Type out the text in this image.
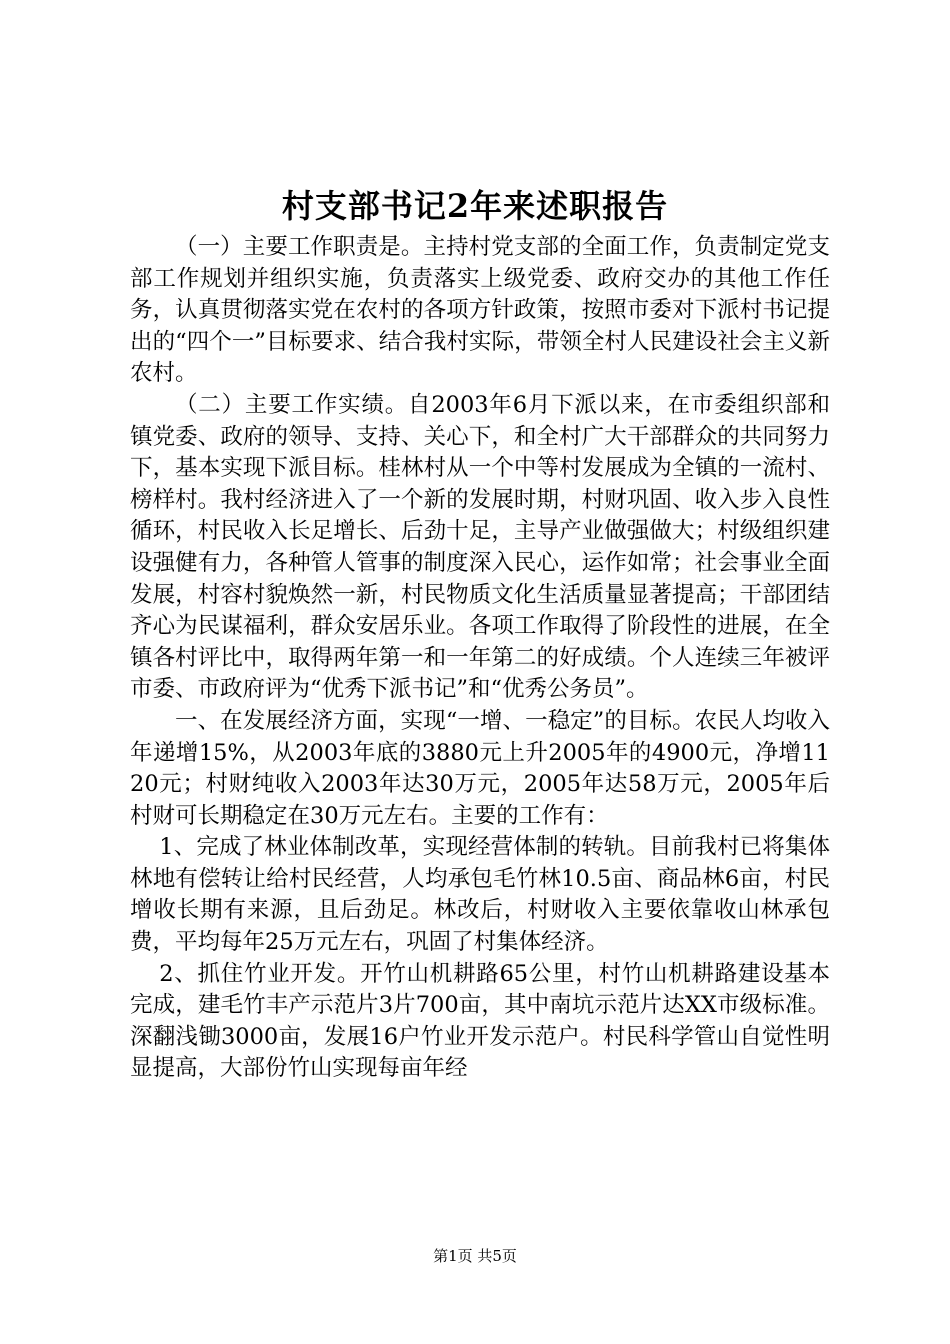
村支部书记2年来述职报告

（一）主要工作职责是。主持村党支部的全面工作，负责制定党支部工作规划并组织实施，负责落实上级党委、政府交办的其他工作任务，认真贯彻落实党在农村的各项方针政策，按照市委对下派村书记提出的“四个一”目标要求、结合我村实际，带领全村人民建设社会主义新农村。

（二）主要工作实绩。自2003年6月下派以来，在市委组织部和镇党委、政府的领导、支持、关心下，和全村广大干部群众的共同努力下，基本实现下派目标。桂林村从一个中等村发展成为全镇的一流村、榜样村。我村经济进入了一个新的发展时期，村财巩固、收入步入良性循环，村民收入长足增长、后劲十足，主导产业做强做大；村级组织建设强健有力，各种管人管事的制度深入民心，运作如常；社会事业全面发展，村容村貌焕然一新，村民物质文化生活质量显著提高；干部团结齐心为民谋福利，群众安居乐业。各项工作取得了阶段性的进展，在全镇各村评比中，取得两年第一和一年第二的好成绩。个人连续三年被评市委、市政府评为“优秀下派书记”和“优秀公务员”。

一、在发展经济方面，实现“一增、一稳定”的目标。农民人均收入年递增15%，从2003年底的3880元上升2005年的4900元，净增1120元；村财纯收入2003年达30万元，2005年达58万元，2005年后村财可长期稳定在30万元左右。主要的工作有：

1、完成了林业体制改革，实现经营体制的转轨。目前我村已将集体林地有偿转让给村民经营，人均承包毛竹林10.5亩、商品林6亩，村民增收长期有来源，且后劲足。林改后，村财收入主要依靠收山林承包费，平均每年25万元左右，巩固了村集体经济。

2、抓住竹业开发。开竹山机耕路65公里，村竹山机耕路建设基本完成，建毛竹丰产示范片3片700亩，其中南坑示范片达XX市级标准。深翻浅锄3000亩，发展16户竹业开发示范户。村民科学管山自觉性明显提高，大部份竹山实现每亩年经

第1页 共5页
